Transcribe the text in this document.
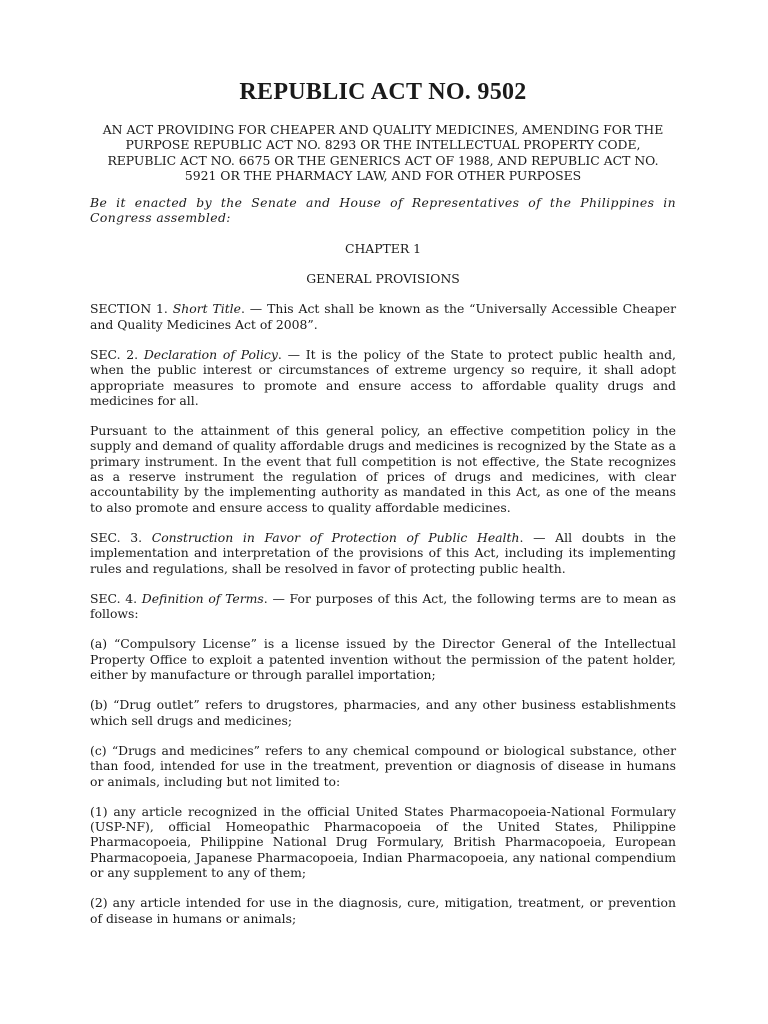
REPUBLIC ACT NO. 9502
AN ACT PROVIDING FOR CHEAPER AND QUALITY MEDICINES, AMENDING FOR THE PURPOSE REPUBLIC ACT NO. 8293 OR THE INTELLECTUAL PROPERTY CODE, REPUBLIC ACT NO. 6675 OR THE GENERICS ACT OF 1988, AND REPUBLIC ACT NO. 5921 OR THE PHARMACY LAW, AND FOR OTHER PURPOSES

Be it enacted by the Senate and House of Representatives of the Philippines in Congress assembled:

CHAPTER 1
GENERAL PROVISIONS

SECTION 1. Short Title. — This Act shall be known as the “Universally Accessible Cheaper and Quality Medicines Act of 2008”.

SEC. 2. Declaration of Policy. — It is the policy of the State to protect public health and, when the public interest or circumstances of extreme urgency so require, it shall adopt appropriate measures to promote and ensure access to affordable quality drugs and medicines for all.

Pursuant to the attainment of this general policy, an effective competition policy in the supply and demand of quality affordable drugs and medicines is recognized by the State as a primary instrument. In the event that full competition is not effective, the State recognizes as a reserve instrument the regulation of prices of drugs and medicines, with clear accountability by the implementing authority as mandated in this Act, as one of the means to also promote and ensure access to quality affordable medicines.

SEC. 3. Construction in Favor of Protection of Public Health. — All doubts in the implementation and interpretation of the provisions of this Act, including its implementing rules and regulations, shall be resolved in favor of protecting public health.

SEC. 4. Definition of Terms. — For purposes of this Act, the following terms are to mean as follows:

(a) “Compulsory License” is a license issued by the Director General of the Intellectual Property Office to exploit a patented invention without the permission of the patent holder, either by manufacture or through parallel importation;

(b) “Drug outlet” refers to drugstores, pharmacies, and any other business establishments which sell drugs and medicines;

(c) “Drugs and medicines” refers to any chemical compound or biological substance, other than food, intended for use in the treatment, prevention or diagnosis of disease in humans or animals, including but not limited to:

(1) any article recognized in the official United States Pharmacopoeia-National Formulary (USP-NF), official Homeopathic Pharmacopoeia of the United States, Philippine Pharmacopoeia, Philippine National Drug Formulary, British Pharmacopoeia, European Pharmacopoeia, Japanese Pharmacopoeia, Indian Pharmacopoeia, any national compendium or any supplement to any of them;

(2) any article intended for use in the diagnosis, cure, mitigation, treatment, or prevention of disease in humans or animals;
